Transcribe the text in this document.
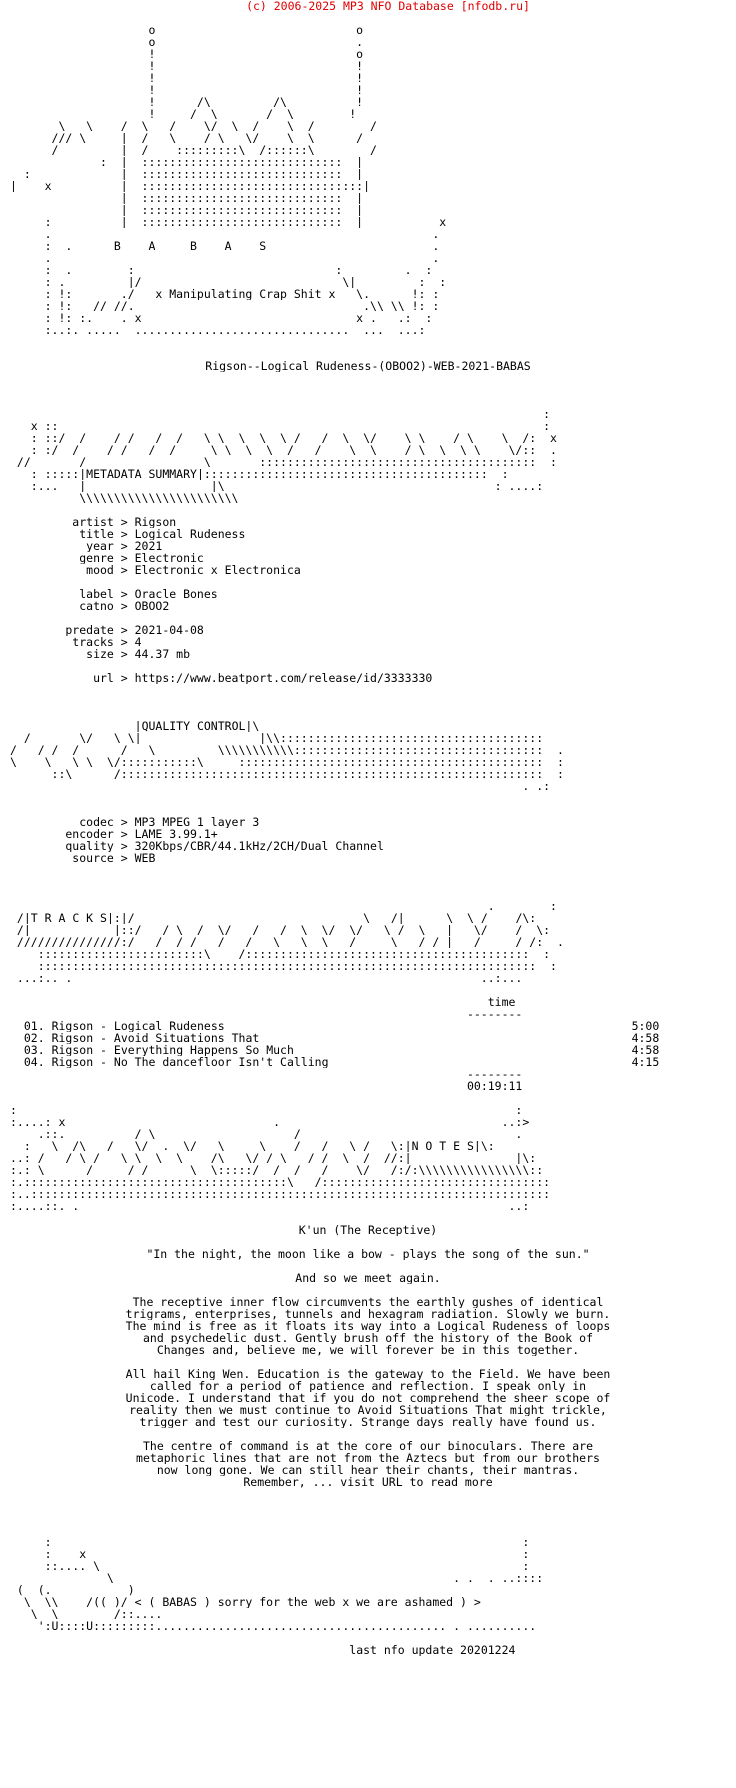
(c) 2006-2025 MP3 NFO Database [nfodb.ru]

o                             o
o                             .
!                             o
!                             !
!                             !
!                             !
!      /\         /\          !
____      __!__   /  \  __   /  \    ____!____
_ ___\   \____/  \   /____\/  \  /____\  /        /  __ _
/// \_____|  /   \____/ \_  \/    \  \______/
/_________|  /____:::::::::\__/::::::\________/
:  |  :::::::::::::::::::::::::::::  |
:             |  :::::::::::::::::::::::::::::  |
|    x          |  ::::::::::::::::::::::::::::::::|
|  :::::::::::::::::::::::::::::  |
|  :::::::::::::::::::::::::::::  |
:     _ ___|  :::::::::::::::::::::::::::::  |___ _      x
.                                                       .
:  .      B    A     B    A    S                        .
.                                                       .
:  .   _ ___:_____________________________:___ _    .  :
: .         |/                             \|         :  :
: !:    _ _./   x Manipulating Crap Shit x   \._ _   !: :
: !:   // //.                                 .\\ \\ !: :
: !: :.    . x                               x .   .:  :
:..:. .....  ...............................  ...  ...:

Rigson--Logical_Rudeness-(OBOO2)-WEB-2021-BABAS

:
x :: ___ ______  ___  ____  ___  ____  _____  ___  _____  _______ ____    :
: ::/  /____/ /___/  /   \ \  \  \  \ /   /  \  \/    \ \  __/ \    \  /:  x
_:_:/__/____/ /___/__/_____\ \__\__\__/___/____\__\____/_\  \__\_\____\/::  .
//_______/                 \_______::::::::::::::::::::::::::::::::::::::::  :
: :::::|METADATA SUMMARY|:::::::::::::::::::::::::::::::::::::::::  :
:...   |__________________|\                                       : ....:
\\\\\\\\\\\\\\\\\\\\\\\

artist > Rigson
title > Logical Rudeness
year > 2021
genre > Electronic
mood > Electronic x Electronica

label > Oracle Bones
catno > OBOO2

predate > 2021-04-08
tracks > 4
size > 44.37 mb

url > https://www.beatport.com/release/id/3333330

_________________
________ _____ |QUALITY CONTROL|\
_/  __   \/   \_\|_________________|\\::::::::::::::::::::::::::::::::::::::
/   /_/ _/ ___  /   \_______  \\\\\\\\\\\::::::::::::::::::::::::::::::::::::  .
\____\___\ \__\/:::::::::::\_____::::::::::::::::::::::::::::::::::::::::::::  :
::\______/:::::::::::::::::::::::::::::::::::::::::::::::::::::::::::::  :
. .:

codec > MP3 MPEG 1 layer 3
encoder > LAME 3.99.1+
quality > 320Kbps/CBR/44.1kHz/2CH/Dual Channel
source > WEB

______________                                         _____ ______.  _____ :
/|T R A C K S|:|/___  ____  ____  _____  ____ __  \   /|      \  \ /    /\:
/|____________|::/   /_\  /  \/   /___/  \  \/  \/___\ /  \_  |___\/    /__\:
///////////////:/___/__/ /___/___/   \___\__\___/_____\___/_/ |___/_____/ /:  .
::::::::::::::::::::::::\____/:::::::::::::::::::::::::::::::::::::::::  :
::::::::::::::::::::::::::::::::::::::::::::::::::::::::::::::::::::::::  :
...:.. .                                                           ..:...

time
--------
01. Rigson - Logical Rudeness	5:00
02. Rigson - Avoid Situations That	4:58
03. Rigson - Everything Happens So Much	4:58
04. Rigson - No The dancefloor Isn't Calling	4:15
--------
00:19:11

:                                                                        :
:....: x           _                  .                                ..:>
.::.    ______/ \____  ___      _____/   ____   _   _________________.
:___\__/\   /__ \/  ._ \/___\ ____\_  _/___/  _\_/___\:|N O T E S|\:
..: /   / \ /   \ \  \_ \    /\___\/ / \  _/ /  \  /  //:|_______________|\:
:.: \______/_____/_/______\__\:::::/__/  /___/ ___\/___/:/:\\\\\\\\\\\\\\\\::
:.::::::::::::::::::::::::::::::::::::::\___/:::::::::::::::::::::::::::::::::
:..:::::::::::::::::::::::::::::::::::::::::::::::::::::::::::::::::::::::::::
:....::. .                                                              ..:

K'un (The Receptive)

"In the night, the moon like a bow - plays the song of the sun."

And so we meet again.

The receptive inner flow circumvents the earthly gushes of identical
trigrams, enterprises, tunnels and hexagram radiation. Slowly we burn.
The mind is free as it floats its way into a Logical Rudeness of loops
and psychedelic dust. Gently brush off the history of the Book of
Changes and, believe me, we will forever be in this together.

All hail King Wen. Education is the gateway to the Field. We have been
called for a period of patience and reflection. I speak only in
Unicode. I understand that if you do not comprehend the sheer scope of
reality then we must continue to Avoid Situations That might trickle,
trigger and test our curiosity. Strange days really have found us.

The centre of command is at the core of our binoculars. There are
metaphoric lines that are not from the Aztecs but from our brothers
now long gone. We can still hear their chants, their mantras.
Remember, ... visit URL to read more

:                                                                    :
:    x                                                               :
::.... \                                                             :
____________\__                                               . .  . ..::::
(  (._____   __ )
\  \\____/((_)/ < ( BABAS ) sorry for the web x we are ashamed ) >
\__\________/::....
':U::::U:::::::::.......................................... . ..........

last nfo update 20201224
